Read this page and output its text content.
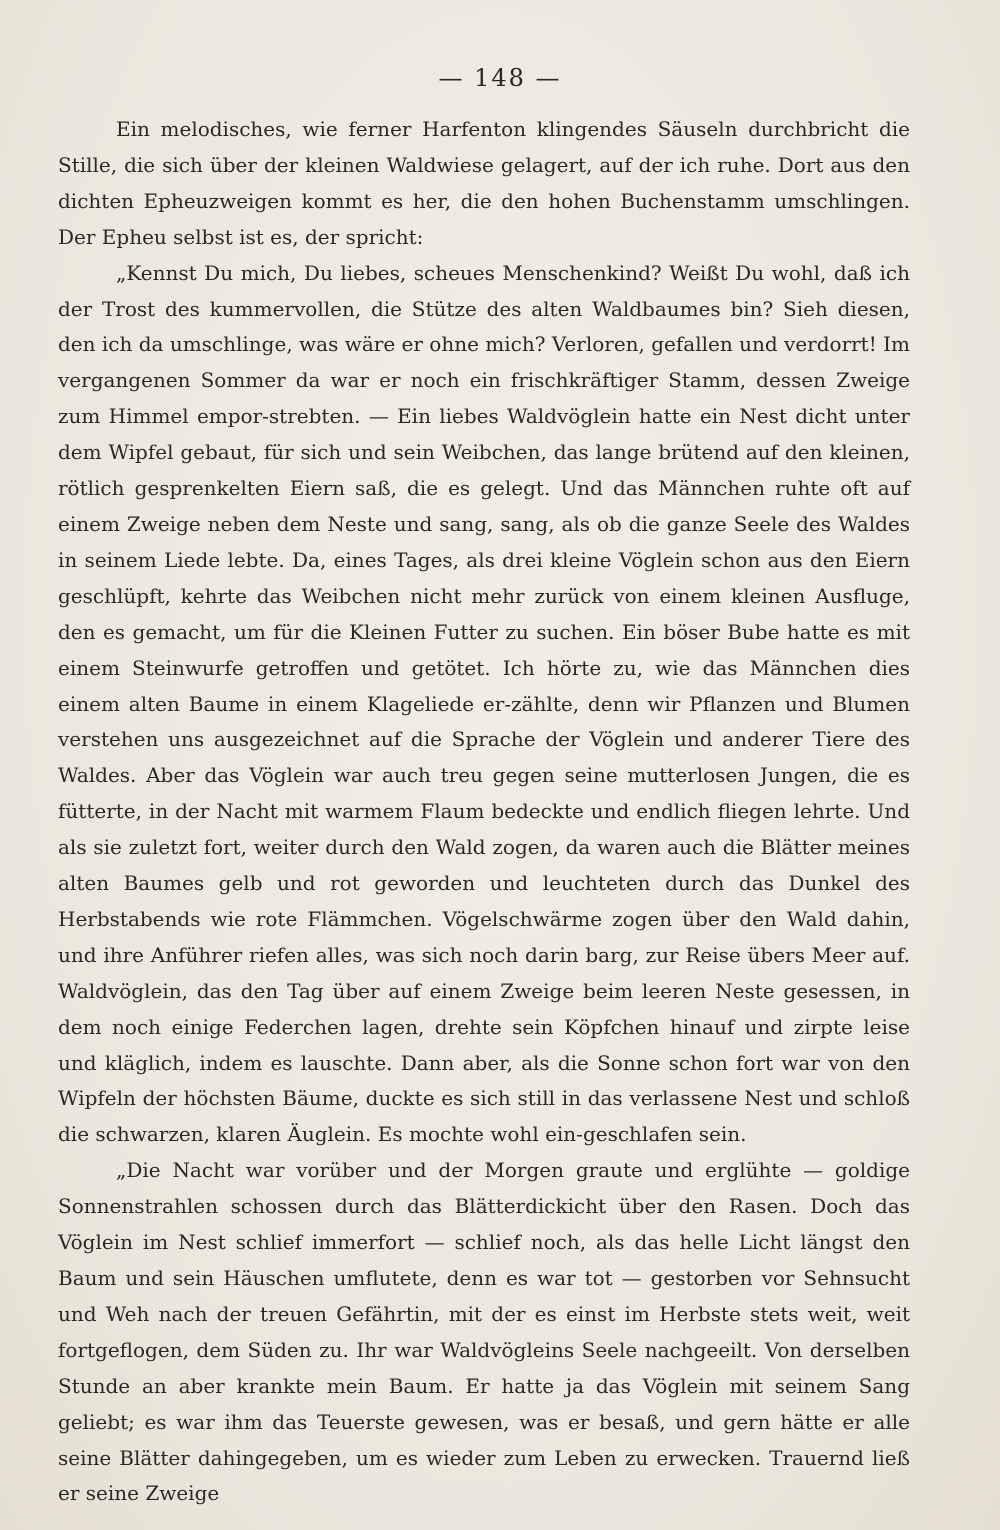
— 148 —

Ein melodisches, wie ferner Harfenton klingendes Säuseln durchbricht die Stille, die sich über der kleinen Waldwiese gelagert, auf der ich ruhe. Dort aus den dichten Epheuzweigen kommt es her, die den hohen Buchenstamm umschlingen. Der Epheu selbst ist es, der spricht:

„Kennst Du mich, Du liebes, scheues Menschenkind? Weißt Du wohl, daß ich der Trost des kummervollen, die Stütze des alten Waldbaumes bin? Sieh diesen, den ich da umschlinge, was wäre er ohne mich? Verloren, gefallen und verdorrt! Im vergangenen Sommer da war er noch ein frischkräftiger Stamm, dessen Zweige zum Himmel empor-strebten. — Ein liebes Waldvöglein hatte ein Nest dicht unter dem Wipfel gebaut, für sich und sein Weibchen, das lange brütend auf den kleinen, rötlich gesprenkelten Eiern saß, die es gelegt. Und das Männchen ruhte oft auf einem Zweige neben dem Neste und sang, sang, als ob die ganze Seele des Waldes in seinem Liede lebte. Da, eines Tages, als drei kleine Vöglein schon aus den Eiern geschlüpft, kehrte das Weibchen nicht mehr zurück von einem kleinen Ausfluge, den es gemacht, um für die Kleinen Futter zu suchen. Ein böser Bube hatte es mit einem Steinwurfe getroffen und getötet. Ich hörte zu, wie das Männchen dies einem alten Baume in einem Klageliede er-zählte, denn wir Pflanzen und Blumen verstehen uns ausgezeichnet auf die Sprache der Vöglein und anderer Tiere des Waldes. Aber das Vöglein war auch treu gegen seine mutterlosen Jungen, die es fütterte, in der Nacht mit warmem Flaum bedeckte und endlich fliegen lehrte. Und als sie zuletzt fort, weiter durch den Wald zogen, da waren auch die Blätter meines alten Baumes gelb und rot geworden und leuchteten durch das Dunkel des Herbstabends wie rote Flämmchen. Vögelschwärme zogen über den Wald dahin, und ihre Anführer riefen alles, was sich noch darin barg, zur Reise übers Meer auf. Waldvöglein, das den Tag über auf einem Zweige beim leeren Neste gesessen, in dem noch einige Federchen lagen, drehte sein Köpfchen hinauf und zirpte leise und kläglich, indem es lauschte. Dann aber, als die Sonne schon fort war von den Wipfeln der höchsten Bäume, duckte es sich still in das verlassene Nest und schloß die schwarzen, klaren Äuglein. Es mochte wohl ein-geschlafen sein.

„Die Nacht war vorüber und der Morgen graute und erglühte — goldige Sonnenstrahlen schossen durch das Blätterdickicht über den Rasen. Doch das Vöglein im Nest schlief immerfort — schlief noch, als das helle Licht längst den Baum und sein Häuschen umflutete, denn es war tot — gestorben vor Sehnsucht und Weh nach der treuen Gefährtin, mit der es einst im Herbste stets weit, weit fortgeflogen, dem Süden zu. Ihr war Waldvögleins Seele nachgeeilt. Von derselben Stunde an aber krankte mein Baum. Er hatte ja das Vöglein mit seinem Sang geliebt; es war ihm das Teuerste gewesen, was er besaß, und gern hätte er alle seine Blätter dahingegeben, um es wieder zum Leben zu erwecken. Trauernd ließ er seine Zweige
